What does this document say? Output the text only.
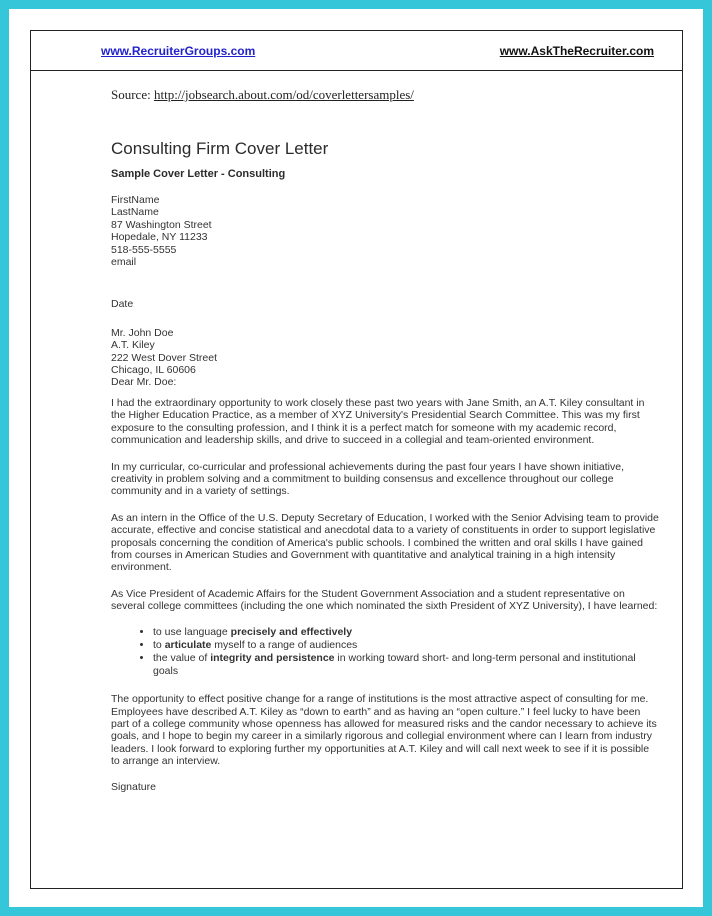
www.RecruiterGroups.com	www.AskTheRecruiter.com

Source: http://jobsearch.about.com/od/coverlettersamples/

Consulting Firm Cover Letter
Sample Cover Letter - Consulting
FirstName
LastName
87 Washington Street
Hopedale, NY 11233
518-555-5555
email
Date
Mr. John Doe
A.T. Kiley
222 West Dover Street
Chicago, IL 60606
Dear Mr. Doe:

I had the extraordinary opportunity to work closely these past two years with Jane Smith, an A.T. Kiley consultant in the Higher Education Practice, as a member of XYZ University's Presidential Search Committee. This was my first exposure to the consulting profession, and I think it is a perfect match for someone with my academic record, communication and leadership skills, and drive to succeed in a collegial and team-oriented environment.

In my curricular, co-curricular and professional achievements during the past four years I have shown initiative, creativity in problem solving and a commitment to building consensus and excellence throughout our college community and in a variety of settings.

As an intern in the Office of the U.S. Deputy Secretary of Education, I worked with the Senior Advising team to provide accurate, effective and concise statistical and anecdotal data to a variety of constituents in order to support legislative proposals concerning the condition of America's public schools. I combined the written and oral skills I have gained from courses in American Studies and Government with quantitative and analytical training in a high intensity environment.

As Vice President of Academic Affairs for the Student Government Association and a student representative on several college committees (including the one which nominated the sixth President of XYZ University), I have learned:

• to use language precisely and effectively
• to articulate myself to a range of audiences
• the value of integrity and persistence in working toward short- and long-term personal and institutional goals

The opportunity to effect positive change for a range of institutions is the most attractive aspect of consulting for me. Employees have described A.T. Kiley as “down to earth” and as having an “open culture.” I feel lucky to have been part of a college community whose openness has allowed for measured risks and the candor necessary to achieve its goals, and I hope to begin my career in a similarly rigorous and collegial environment where can I learn from industry leaders. I look forward to exploring further my opportunities at A.T. Kiley and will call next week to see if it is possible to arrange an interview.

Signature
